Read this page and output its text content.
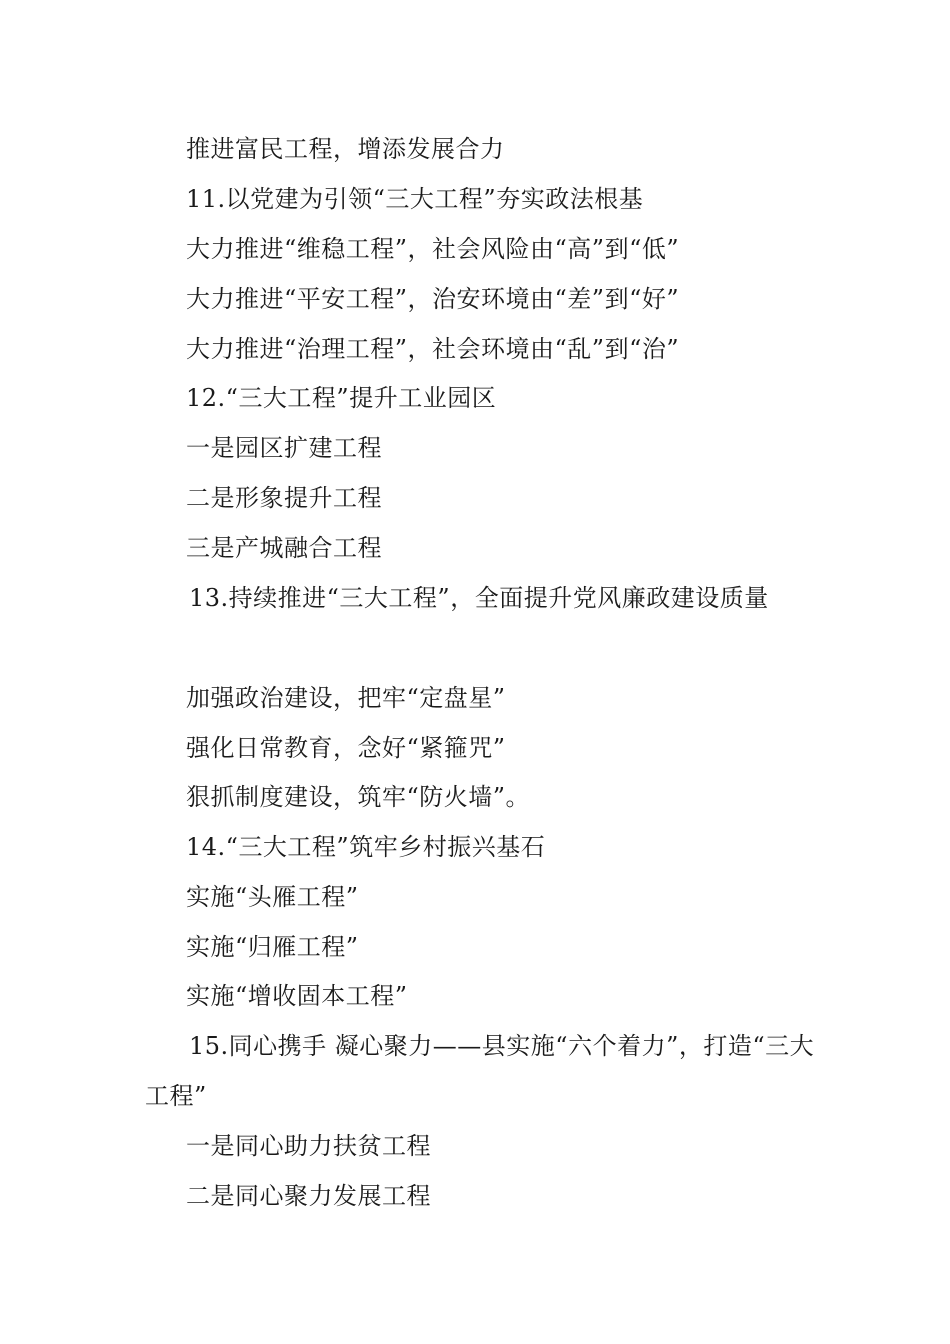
推进富民工程，增添发展合力
11.以党建为引领“三大工程”夯实政法根基
大力推进“维稳工程”，社会风险由“高”到“低”
大力推进“平安工程”，治安环境由“差”到“好”
大力推进“治理工程”，社会环境由“乱”到“治”
12.“三大工程”提升工业园区
一是园区扩建工程
二是形象提升工程
三是产城融合工程
13.持续推进“三大工程”，全面提升党风廉政建设质量
加强政治建设，把牢“定盘星”
强化日常教育，念好“紧箍咒”
狠抓制度建设，筑牢“防火墙”。
14.“三大工程”筑牢乡村振兴基石
实施“头雁工程”
实施“归雁工程”
实施“增收固本工程”
15.同心携手 凝心聚力——县实施“六个着力”，打造“三大工程”
一是同心助力扶贫工程
二是同心聚力发展工程
